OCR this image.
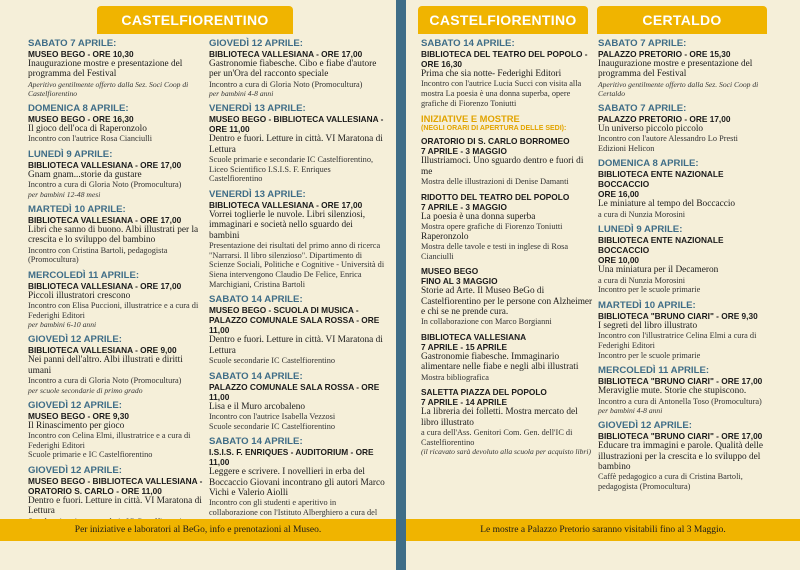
CASTELFIORENTINO
SABATO 7 APRILE:
MUSEO BEGO - ORE 10,30
Inaugurazione mostre e presentazione del programma del Festival
Aperitivo gentilmente offerto dalla Sez. Soci Coop di Castelfiorentino
DOMENICA 8 APRILE:
MUSEO BEGO - ORE 16,30
Il gioco dell'oca di Raperonzolo
Incontro con l'autrice Rosa Cianciulli
LUNEDÌ 9 APRILE:
BIBLIOTECA VALLESIANA - ORE 17,00
Gnam gnam...storie da gustare
Incontro a cura di Gloria Noto (Promocultura)
per bambini 12-48 mesi
MARTEDÌ 10 APRILE:
BIBLIOTECA VALLESIANA - ORE 17,00
Libri che sanno di buono. Albi illustrati per la crescita e lo sviluppo del bambino
Incontro con Cristina Bartoli, pedagogista (Promocultura)
MERCOLEDÌ 11 APRILE:
BIBLIOTECA VALLESIANA - ORE 17,00
Piccoli illustratori crescono
Incontro con Elisa Puccioni, illustratrice e a cura di Federighi Editori
per bambini 6-10 anni
GIOVEDÌ 12 APRILE:
BIBLIOTECA VALLESIANA - ORE 9,00
Nei panni dell'altro. Albi illustrati e diritti umani
Incontro a cura di Gloria Noto (Promocultura)
per scuole secondarie di primo grado
GIOVEDÌ 12 APRILE:
MUSEO BEGO - ORE 9,30
Il Rinascimento per gioco
Incontro con Celina Elmi, illustratrice e a cura di Federighi Editori
Scuole primarie e IC Castelfiorentino
GIOVEDÌ 12 APRILE:
MUSEO BEGO - BIBLIOTECA VALLESIANA - ORATORIO S. CARLO - ORE 11,00
Dentro e fuori. Letture in città. VI Maratona di Lettura
GIOVEDÌ 12 APRILE:
BIBLIOTECA VALLESIANA - ORE 17,00
Gastronomie fiabesche. Cibo e fiabe d'autore per un'Ora del racconto speciale
Incontro a cura di Gloria Noto (Promocultura)
per bambini 4-8 anni
VENERDÌ 13 APRILE:
MUSEO BEGO - BIBLIOTECA VALLESIANA - ORE 11,00
Dentro e fuori. Letture in città. VI Maratona di Lettura
Scuole primarie e secondarie IC Castelfiorentino, Liceo Scientifico I.S.I.S. F. Enriques Castelfiorentino
VENERDÌ 13 APRILE:
BIBLIOTECA VALLESIANA - ORE 17,00
Vorrei toglierle le nuvole. Libri silenziosi, immaginari e società nello sguardo dei bambini
Presentazione dei risultati del primo anno di ricerca "Narrarsi. Il libro silenzioso". Dipartimento di Scienze Sociali, Politiche e Cognitive - Università di Siena intervengono Claudio De Felice, Enrica Marchigiani, Cristina Bartoli
SABATO 14 APRILE:
MUSEO BEGO - SCUOLA DI MUSICA - PALAZZO COMUNALE SALA ROSSA - ORE 11,00
Dentro e fuori. Letture in città. VI Maratona di Lettura
Scuole secondarie IC Castelfiorentino
SABATO 14 APRILE:
PALAZZO COMUNALE SALA ROSSA - ORE 11,00
Lisa e il Muro arcobaleno
Incontro con l'autrice Isabella Vezzosi
Scuole secondarie IC Castelfiorentino
SABATO 14 APRILE:
I.S.I.S. F. ENRIQUES - AUDITORIUM - ORE 11,00
Leggere e scrivere. I novellieri in erba del Boccaccio Giovani incontrano gli autori Marco Vichi e Valerio Aiolli
Incontro con gli studenti e aperitivo in collaborazione con l'Istituto Alberghiero a cura del
Per iniziative e laboratori al BeGo, info e prenotazioni al Museo.
CASTELFIORENTINO	CERTALDO
SABATO 14 APRILE:
BIBLIOTECA DEL TEATRO DEL POPOLO - ORE 16,30
Prima che sia notte- Federighi Editori
Incontro con l'autrice Lucia Succi con visita alla mostra La poesia è una donna superba, opere grafiche di Fiorenzo Toniutti
INIZIATIVE E MOSTRE
(NEGLI ORARI DI APERTURA DELLE SEDI):
ORATORIO DI S. CARLO BORROMEO
7 APRILE - 3 MAGGIO
Illustriamoci. Uno sguardo dentro e fuori di me
Mostra delle illustrazioni di Denise Damanti
RIDOTTO DEL TEATRO DEL POPOLO
7 APRILE - 3 MAGGIO
La poesia è una donna superba
Mostra opere grafiche di Fiorenzo Toniutti
Raperonzolo
Mostra delle tavole e testi in inglese di Rosa Cianciulli
MUSEO BEGO
FINO AL 3 MAGGIO
Storie ad Arte. Il Museo BeGo di Castelfiorentino per le persone con Alzheimer e chi se ne prende cura.
In collaborazione con Marco Borgianni
BIBLIOTECA VALLESIANA
7 APRILE - 15 APRILE
Gastronomie fiabesche. Immaginario alimentare nelle fiabe e negli albi illustrati
Mostra bibliografica
SALETTA PIAZZA DEL POPOLO
7 APRILE - 14 APRILE
La libreria dei folletti. Mostra mercato del libro illustrato
a cura dell'Ass. Genitori Com. Gen. dell'IC di Castelfiorentino
(il ricavato sarà devoluto alla scuola per acquisto libri)
SABATO 7 APRILE:
PALAZZO PRETORIO - ORE 15,30
Inaugurazione mostre e presentazione del programma del Festival
Aperitivo gentilmente offerto dalla Sez. Soci Coop di Certaldo
SABATO 7 APRILE:
PALAZZO PRETORIO - ORE 17,00
Un universo piccolo piccolo
Incontro con l'autore Alessandro Lo Presti Edizioni Helicon
DOMENICA 8 APRILE:
BIBLIOTECA ENTE NAZIONALE BOCCACCIO
ORE 16,00
Le miniature al tempo del Boccaccio
a cura di Nunzia Morosini
LUNEDÌ 9 APRILE:
BIBLIOTECA ENTE NAZIONALE BOCCACCIO
ORE 10,00
Una miniatura per il Decameron
a cura di Nunzia Morosini
Incontro per le scuole primarie
MARTEDÌ 10 APRILE:
BIBLIOTECA "BRUNO CIARI" - ORE 9,30
I segreti del libro illustrato
Incontro con l'illustratrice Celina Elmi a cura di Federighi Editori
Incontro per le scuole primarie
MERCOLEDÌ 11 APRILE:
BIBLIOTECA "BRUNO CIARI" - ORE 17,00
Meraviglie mute. Storie che stupiscono.
Incontro a cura di Antonella Toso (Promocultura)
per bambini 4-8 anni
GIOVEDÌ 12 APRILE:
BIBLIOTECA "BRUNO CIARI" - ORE 17,00
Educare tra immagini e parole. Qualità delle illustrazioni per la crescita e lo sviluppo del bambino
Caffè pedagogico a cura di Cristina Bartoli, pedagogista (Promocultura)
Le mostre a Palazzo Pretorio saranno visitabili fino al 3 Maggio.
